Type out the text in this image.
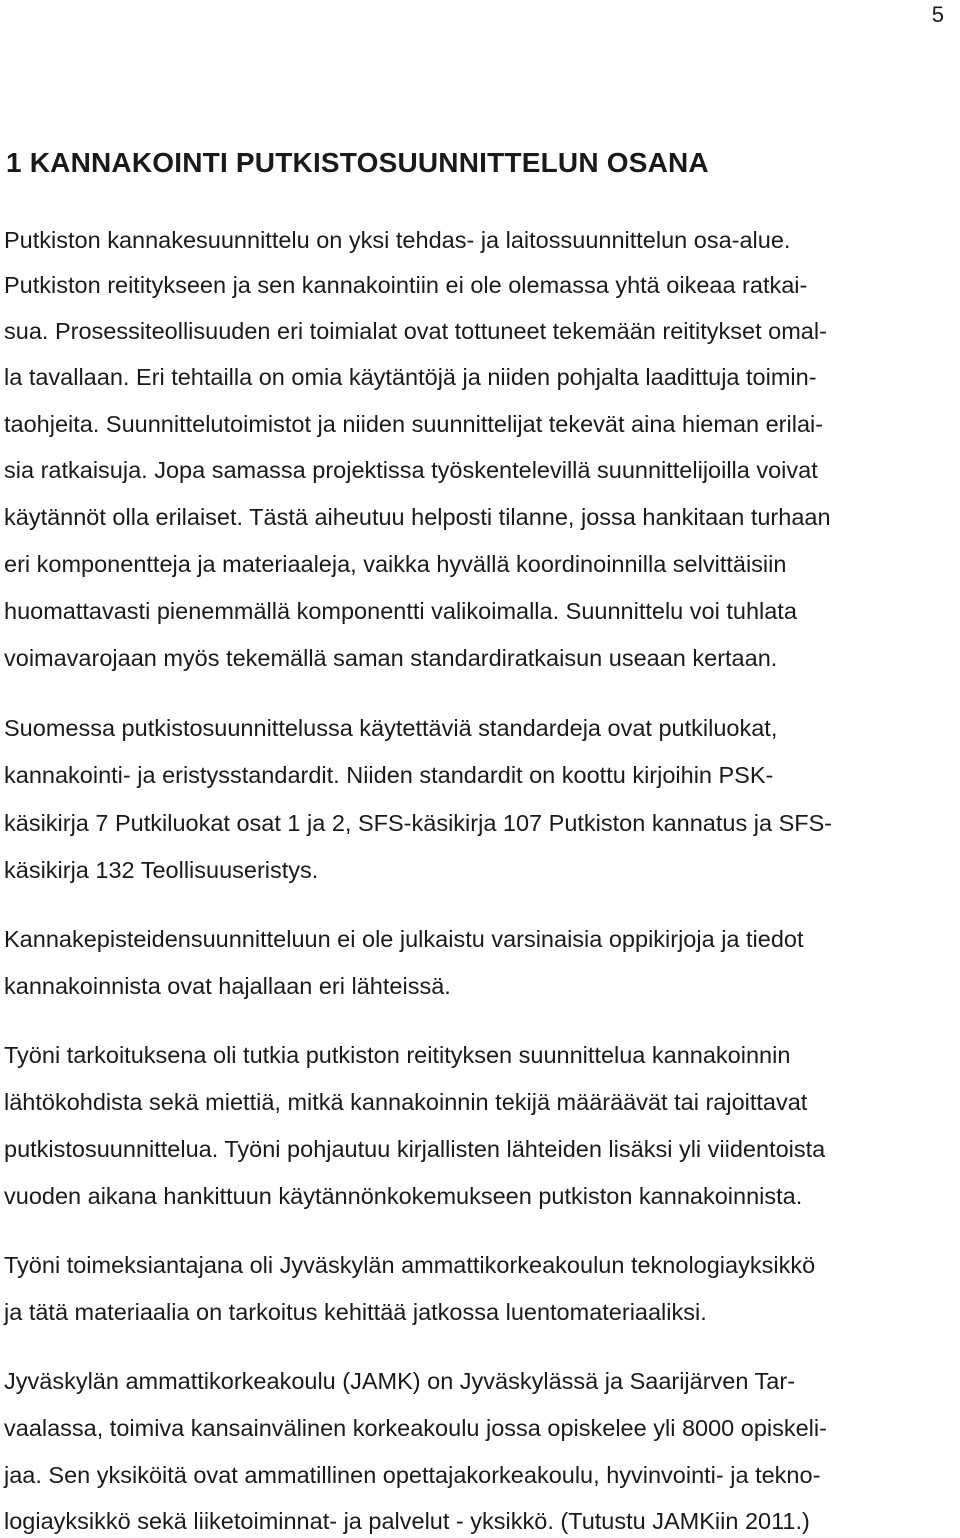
5
1 KANNAKOINTI PUTKISTOSUUNNITTELUN OSANA

Putkiston kannakesuunnittelu on yksi tehdas- ja laitossuunnittelun osa-alue.

Putkiston reititykseen ja sen kannakointiin ei ole olemassa yhtä oikeaa ratkai-

sua. Prosessiteollisuuden eri toimialat ovat tottuneet tekemään reititykset omal-

la tavallaan. Eri tehtailla on omia käytäntöjä ja niiden pohjalta laadittuja toimin-

taohjeita. Suunnittelutoimistot ja niiden suunnittelijat tekevät aina hieman erilai-

sia ratkaisuja. Jopa samassa projektissa työskentelevillä suunnittelijoilla voivat

käytännöt olla erilaiset. Tästä aiheutuu helposti tilanne, jossa hankitaan turhaan

eri komponentteja ja materiaaleja, vaikka hyvällä koordinoinnilla selvittäisiin

huomattavasti pienemmällä komponentti valikoimalla. Suunnittelu voi tuhlata

voimavarojaan myös tekemällä saman standardiratkaisun useaan kertaan.

Suomessa putkistosuunnittelussa käytettäviä standardeja ovat putkiluokat,

kannakointi- ja eristysstandardit. Niiden standardit on koottu kirjoihin PSK-

käsikirja 7 Putkiluokat osat 1 ja 2, SFS-käsikirja 107 Putkiston kannatus ja SFS-

käsikirja 132 Teollisuuseristys.

Kannakepisteidensuunnitteluun ei ole julkaistu varsinaisia oppikirjoja ja tiedot

kannakoinnista ovat hajallaan eri lähteissä.

Työni tarkoituksena oli tutkia putkiston reitityksen suunnittelua kannakoinnin

lähtökohdista sekä miettiä, mitkä kannakoinnin tekijä määräävät tai rajoittavat

putkistosuunnittelua. Työni pohjautuu kirjallisten lähteiden lisäksi yli viidentoista

vuoden aikana hankittuun käytännönkokemukseen putkiston kannakoinnista.

Työni toimeksiantajana oli Jyväskylän ammattikorkeakoulun teknologiayksikkö

ja tätä materiaalia on tarkoitus kehittää jatkossa luentomateriaaliksi.

Jyväskylän ammattikorkeakoulu (JAMK) on Jyväskylässä ja Saarijärven Tar-

vaalassa, toimiva kansainvälinen korkeakoulu jossa opiskelee yli 8000 opiskeli-

jaa. Sen yksiköitä ovat ammatillinen opettajakorkeakoulu, hyvinvointi- ja tekno-

logiayksikkö sekä liiketoiminnat- ja palvelut - yksikkö. (Tutustu JAMKiin 2011.)
